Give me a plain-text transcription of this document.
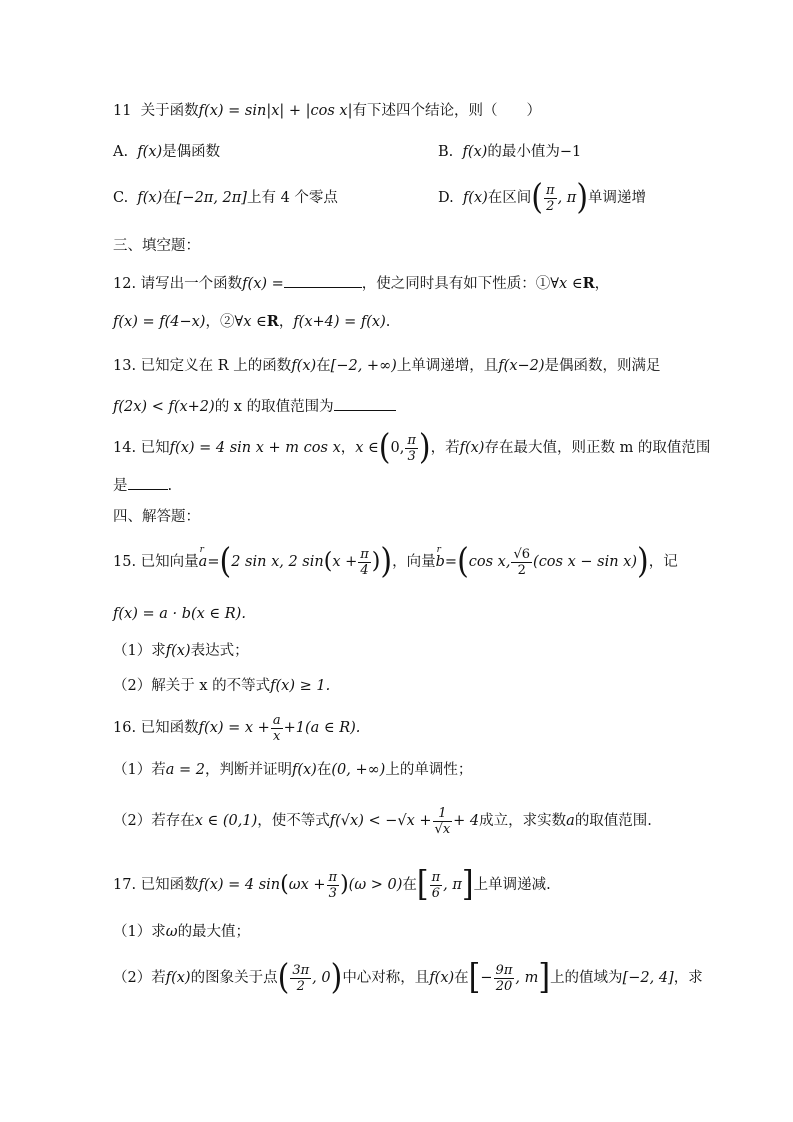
11 关于函数f(x) = sin|x| + |cos x|有下述四个结论，则（　　）
A. f(x)是偶函数	B. f(x)的最小值为−1
C. f(x)在[−2π, 2π]上有 4 个零点	D. f(x)在区间( $\frac{\pi}{2}$ , π)单调递增
三、填空题：
12. 请写出一个函数f(x) =	，使之同时具有如下性质：①∀x ∈R，
f(x) = f(4−x)，②∀x ∈R，f(x+4) = f(x).
13. 已知定义在 R 上的函数f(x)在[−2, +∞)上单调递增，且f(x−2)是偶函数，则满足
f(2x) < f(x+2)的 x 的取值范围为
14. 已知f(x) = 4 sin x + m cos x，x ∈(0, $\frac{\pi}{3}$ )，若f(x)存在最大值，则正数 m 的取值范围
是	.
四、解答题：
15. 已知向量
r
a=(2 sin x, 2 $\sin(x + \frac{\pi}{4}$ ))，向量
r
b=(cos x, $\frac{√6}{2} (\cos$ x − sin x))，记
f(x) = a · b(x ∈ R).
（1）求f(x)表达式；
（2）解关于 x 的不等式f(x) ≥ 1.
16. 已知函数$f(x) = x + \frac{a}{x} +1(a$ ∈ R).
（1）若a = 2，判断并证明f(x)在(0, +∞)上的单调性；
（2）若存在x ∈ (0,1)，使不等式$f(√x) < -√x + \frac{1}{√x} + 4$成立，求实数a的取值范围.
17. 已知函数f(x) = 4 $\sin(\omega x + \frac{\pi}{3} )(\omega > 0)$在[ $\frac{\pi}{6}$ , π]上单调递减.
（1）求ω的最大值；
（2）若f(x)的图象关于点( $\frac{3\pi}{2}$ , 0)中心对称，且f(x)在[− $\frac{9\pi}{20}$ , m]上的值域为[−2, 4]，求
